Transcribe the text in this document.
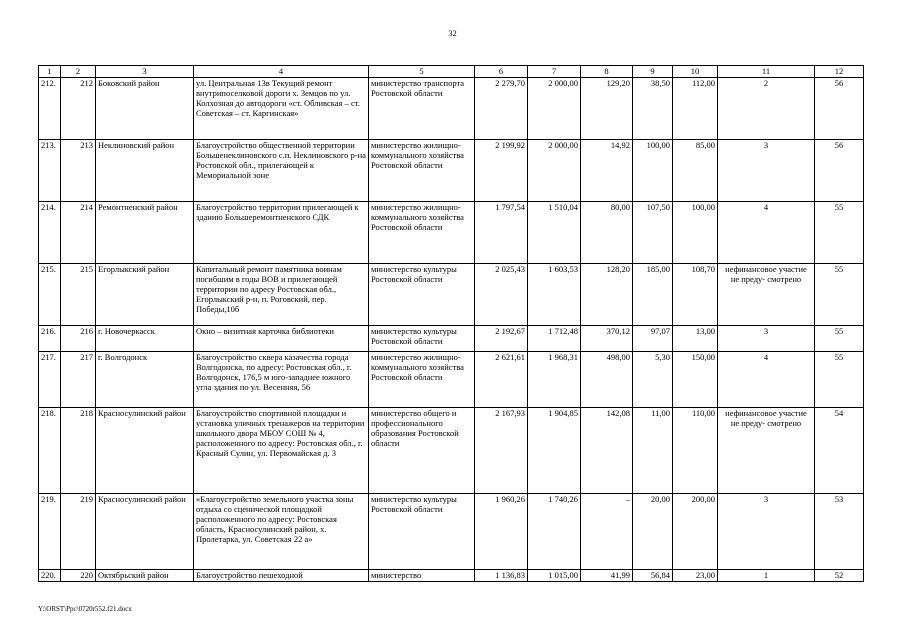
32
1	2	3	4	5	6	7	8	9	10	11	12
212.	212	Боковский район	ул. Центральная 13в Текущий ремонт внутрипоселковой дороги х. Земцов по ул. Колхозная до автодороги «ст. Обливская – ст. Советская – ст. Каргинская»	министерство транспорта Ростовской области	2 279,70	2 000,00	129,20	38,50	112,00	2	56
213.	213	Неклиновский район	Благоустройство общественной территории Большенеклиновского с.п. Неклиновского р-на Ростовской обл., прилегающей к Мемориальной зоне	министерство жилищно- коммунального хозяйства Ростовской области	2 199,92	2 000,00	14,92	100,00	85,00	3	56
214.	214	Ремонтненский район	Благоустройство территории прилегающей к зданию Большеремонтненского СДК	министерство жилищно- коммунального хозяйства Ростовской области	1 797,54	1 510,04	80,00	107,50	100,00	4	55
215.	215	Егорлыкский район	Капитальный ремонт памятника воинам погибшим в годы ВОВ и прилегающей территории по адресу Ростовская обл., Егорлыкский р-н, п. Роговский, пер. Победы,10б	министерство культуры Ростовской области	2 025,43	1 603,53	128,20	185,00	108,70	нефинансовое участие не преду- смотрено	55
216.	216	г. Новочеркасск	Окно – визитная карточка библиотеки	министерство культуры Ростовской области	2 192,67	1 712,48	370,12	97,07	13,00	3	55
217.	217	г. Волгодонск	Благоустройство сквера казачества города Волгодонска, по адресу: Ростовская обл., г. Волгодонск, 176,5 м юго-западнее южного угла здания по ул. Весенняя, 56	министерство жилищно- коммунального хозяйства Ростовской области	2 621,61	1 968,31	498,00	5,30	150,00	4	55
218.	218	Красносулинский район	Благоустройство спортивной площадки и установка уличных тренажеров на территории школьного двора МБОУ СОШ № 4, расположенного по адресу: Ростовская обл., г. Красный Сулин, ул. Первомайская д. 3	министерство общего и профессионального образования Ростовской области	2 167,93	1 904,85	142,08	11,00	110,00	нефинансовое участие не преду- смотрено	54
219.	219	Красносулинский район	«Благоустройство земельного участка зоны отдыха со сценической площадкой расположенного по адресу: Ростовская область, Красносулинский район, х. Пролетарка, ул. Советская 22 а»	министерство культуры Ростовской области	1 960,26	1 740,26	–	20,00	200,00	3	53
220.	220	Октябрьский район	Благоустройство пешеходной	министерство	1 136,83	1 015,00	41,99	56,84	23,00	1	52
Y:\ORST\Ppc\0720r552.f21.docx
